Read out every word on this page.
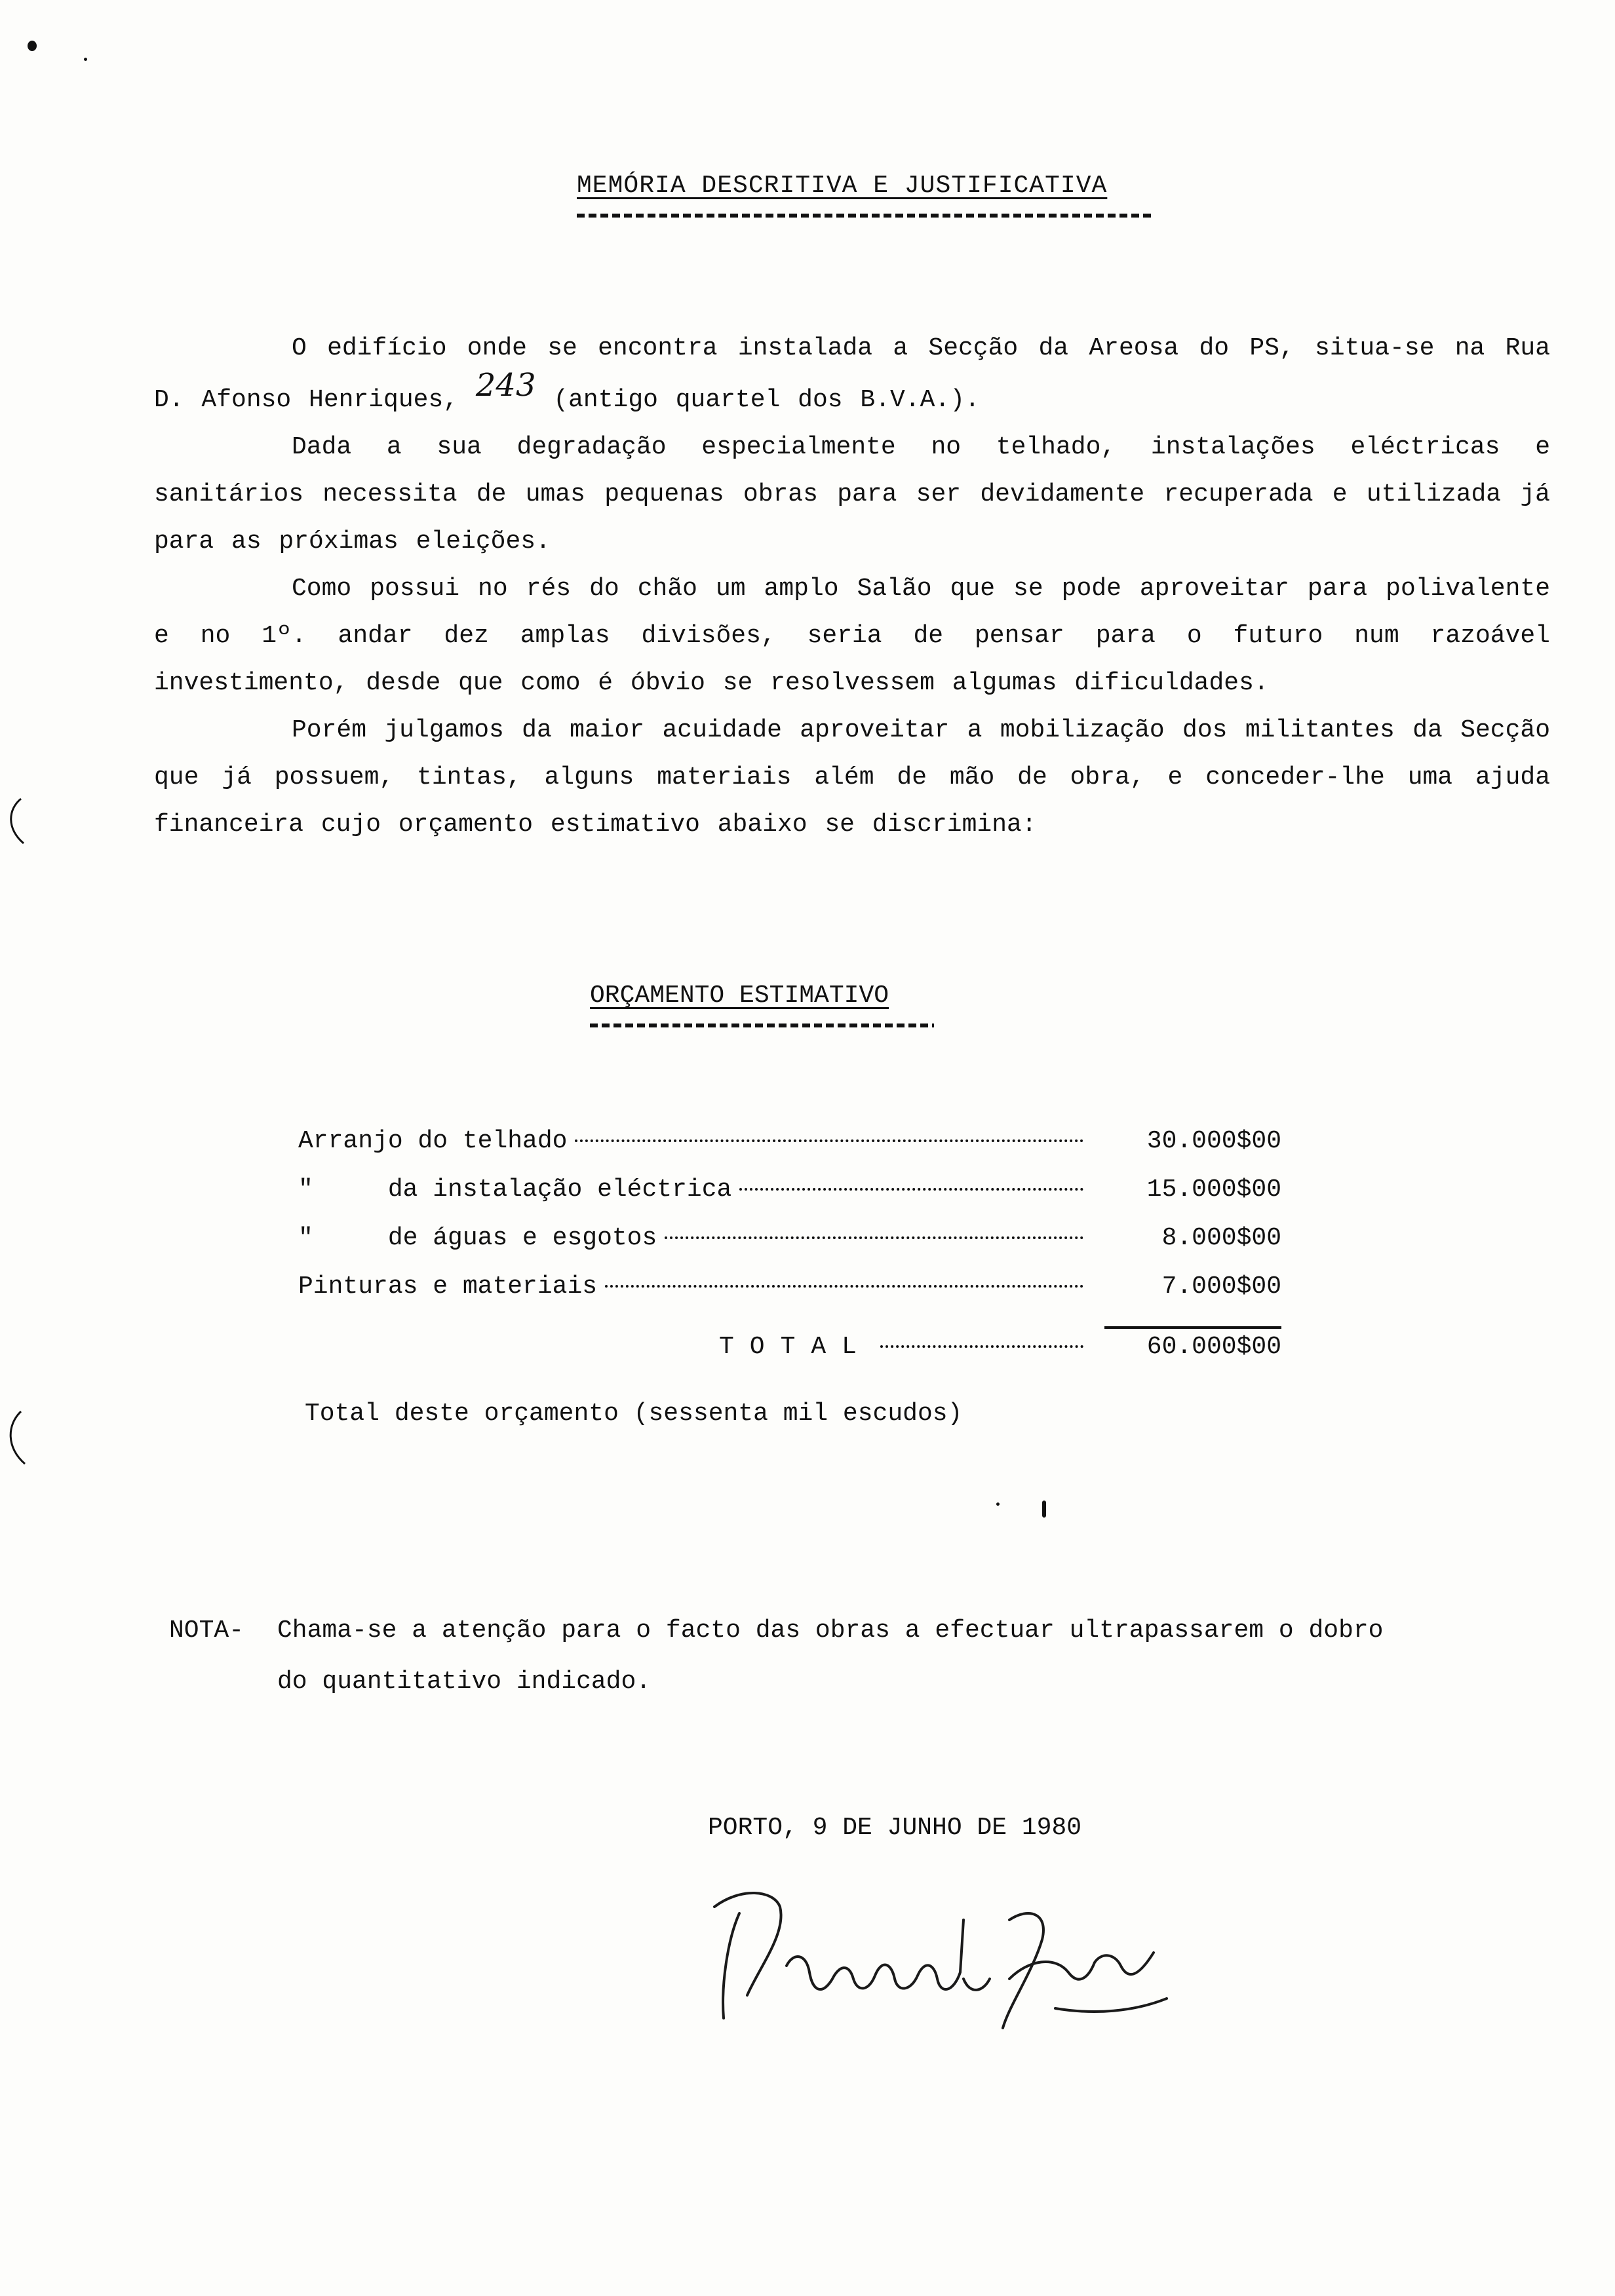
MEMÓRIA DESCRITIVA E JUSTIFICATIVA

O edifício onde se encontra instalada a Secção da Areosa do PS, situa-se na Rua D. Afonso Henriques, 243 (antigo quartel dos B.V.A.).

Dada a sua degradação especialmente no telhado, instalações eléctricas e sanitários necessita de umas pequenas obras para ser devidamente recuperada e utilizada já para as próximas eleições.

Como possui no rés do chão um amplo Salão que se pode aproveitar para polivalente e no 1º. andar dez amplas divisões, seria de pensar para o futuro num razoável investimento, desde que como é óbvio se resolvessem algumas dificuldades.

Porém julgamos da maior acuidade aproveitar a mobilização dos militantes da Secção que já possuem, tintas, alguns materiais além de mão de obra, e conceder-lhe uma ajuda financeira cujo orçamento estimativo abaixo se discrimina:

ORÇAMENTO ESTIMATIVO
Arranjo do telhado	30.000$00
"     da instalação eléctrica	15.000$00
"     de águas e esgotos	8.000$00
Pinturas e materiais	7.000$00
TOTAL	60.000$00
Total deste orçamento (sessenta mil escudos)
NOTA- Chama-se a atenção para o facto das obras a efectuar ultrapassarem o dobro
do quantitativo indicado.
PORTO, 9 DE JUNHO DE 1980
